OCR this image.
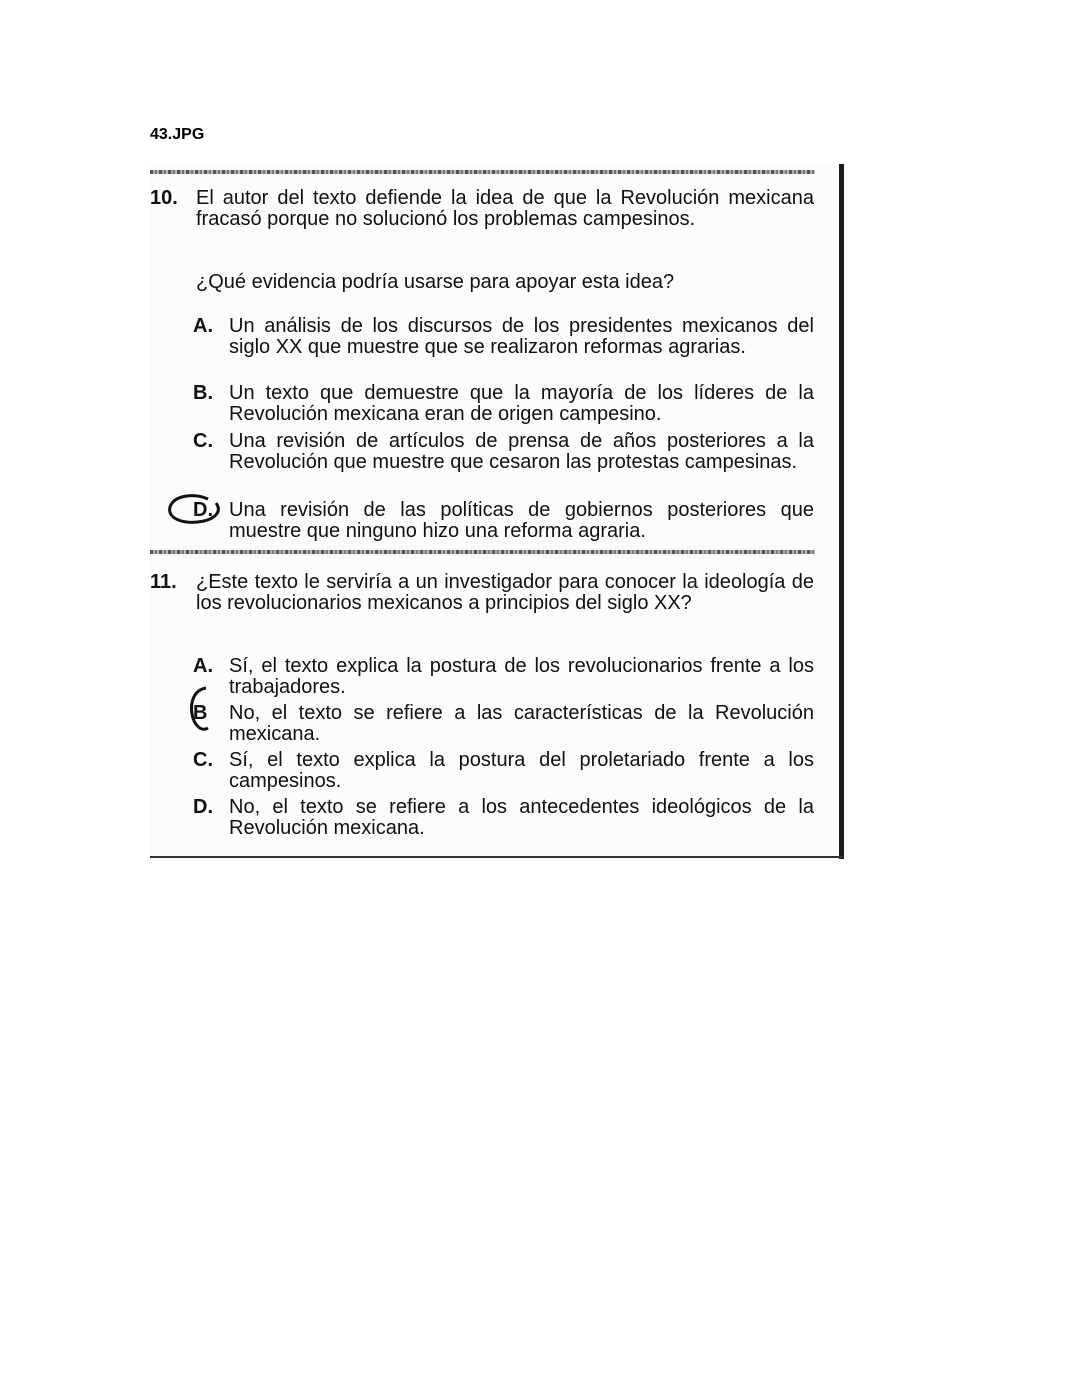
43.JPG
10. El autor del texto defiende la idea de que la Revolución mexicana fracasó porque no solucionó los problemas campesinos.
¿Qué evidencia podría usarse para apoyar esta idea?
A. Un análisis de los discursos de los presidentes mexicanos del siglo XX que muestre que se realizaron reformas agrarias.
B. Un texto que demuestre que la mayoría de los líderes de la Revolución mexicana eran de origen campesino.
C. Una revisión de artículos de prensa de años posteriores a la Revolución que muestre que cesaron las protestas campesinas.
D. Una revisión de las políticas de gobiernos posteriores que muestre que ninguno hizo una reforma agraria.
11. ¿Este texto le serviría a un investigador para conocer la ideología de los revolucionarios mexicanos a principios del siglo XX?
A. Sí, el texto explica la postura de los revolucionarios frente a los trabajadores.
B	No, el texto se refiere a las características de la Revolución mexicana.
C. Sí, el texto explica la postura del proletariado frente a los campesinos.
D. No, el texto se refiere a los antecedentes ideológicos de la Revolución mexicana.
